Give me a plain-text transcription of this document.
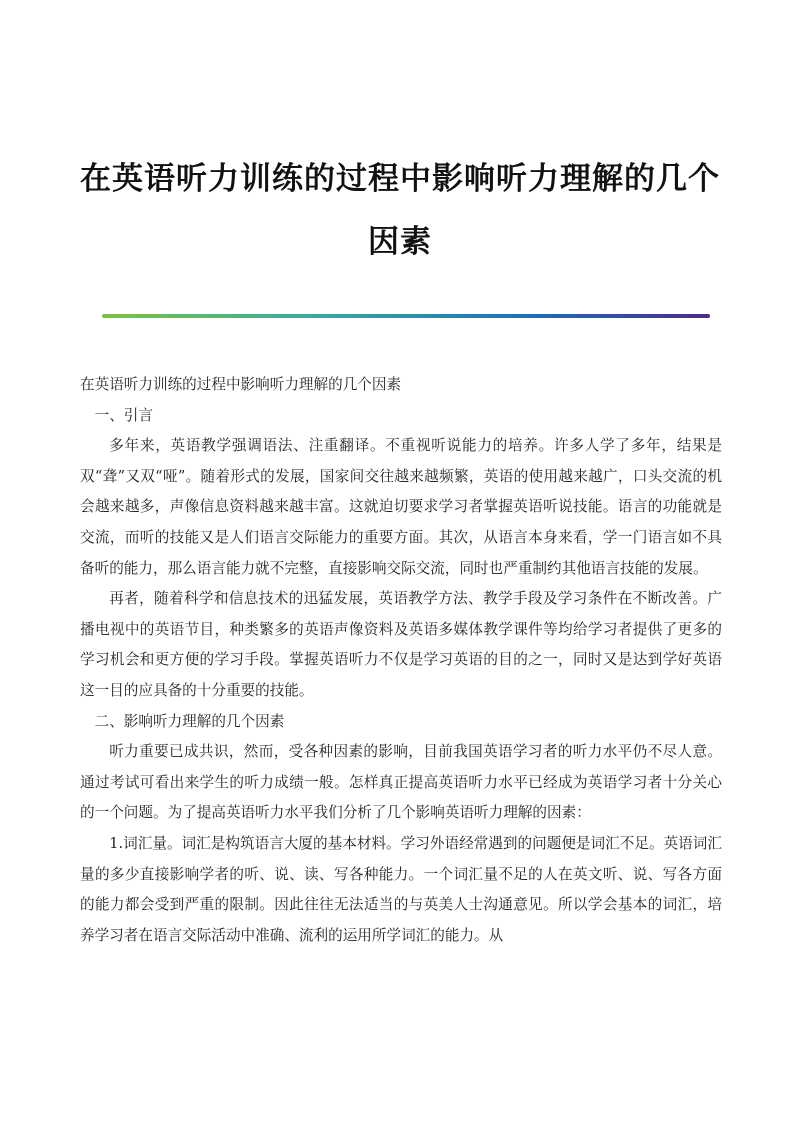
在英语听力训练的过程中影响听力理解的几个因素

在英语听力训练的过程中影响听力理解的几个因素

一、引言

多年来，英语教学强调语法、注重翻译。不重视听说能力的培养。许多人学了多年，结果是双“聋”又双“哑”。随着形式的发展，国家间交往越来越频繁，英语的使用越来越广，口头交流的机会越来越多，声像信息资料越来越丰富。这就迫切要求学习者掌握英语听说技能。语言的功能就是交流，而听的技能又是人们语言交际能力的重要方面。其次，从语言本身来看，学一门语言如不具备听的能力，那么语言能力就不完整，直接影响交际交流，同时也严重制约其他语言技能的发展。

再者，随着科学和信息技术的迅猛发展，英语教学方法、教学手段及学习条件在不断改善。广播电视中的英语节目，种类繁多的英语声像资料及英语多媒体教学课件等均给学习者提供了更多的学习机会和更方便的学习手段。掌握英语听力不仅是学习英语的目的之一，同时又是达到学好英语这一目的应具备的十分重要的技能。

二、影响听力理解的几个因素

听力重要已成共识，然而，受各种因素的影响，目前我国英语学习者的听力水平仍不尽人意。通过考试可看出来学生的听力成绩一般。怎样真正提高英语听力水平已经成为英语学习者十分关心的一个问题。为了提高英语听力水平我们分析了几个影响英语听力理解的因素：

1.词汇量。词汇是构筑语言大厦的基本材料。学习外语经常遇到的问题便是词汇不足。英语词汇量的多少直接影响学者的听、说、读、写各种能力。一个词汇量不足的人在英文听、说、写各方面的能力都会受到严重的限制。因此往往无法适当的与英美人士沟通意见。所以学会基本的词汇，培养学习者在语言交际活动中准确、流利的运用所学词汇的能力。从
